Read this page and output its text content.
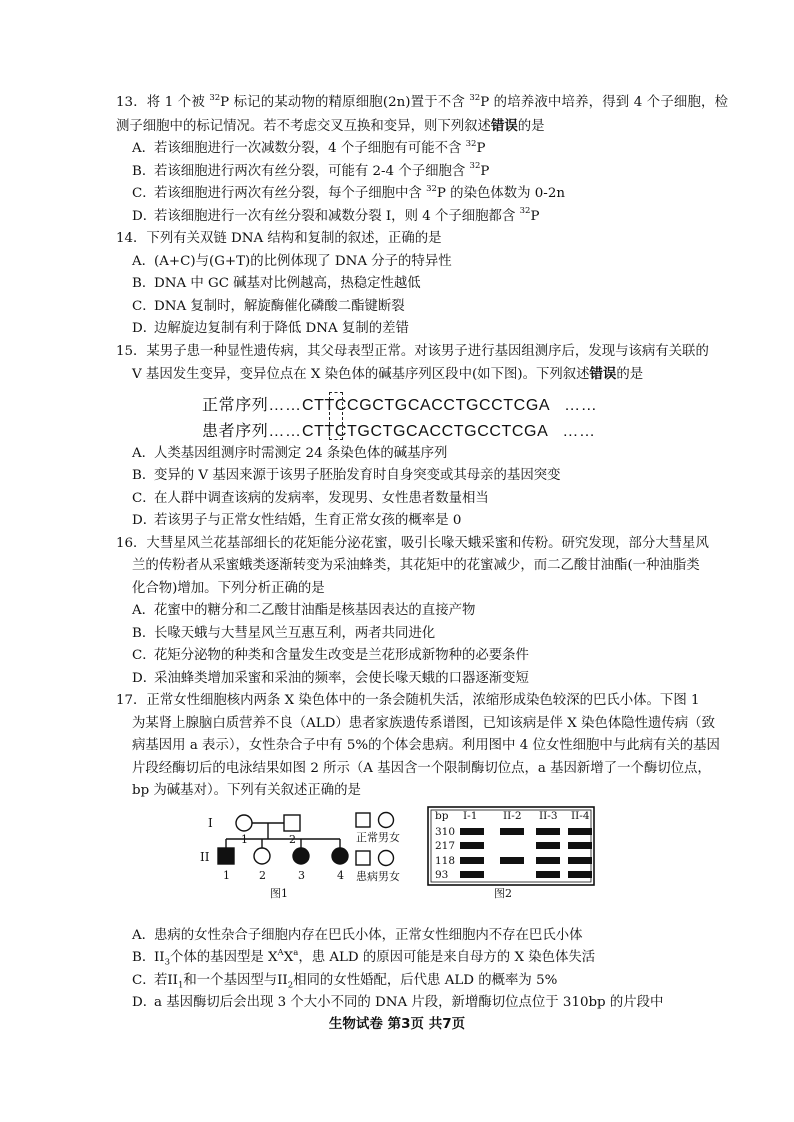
13．将 1 个被 $^{32}$P 标记的某动物的精原细胞(2n)置于不含 $^{32}$P 的培养液中培养，得到 4 个子细胞，检测子细胞中的标记情况。若不考虑交叉互换和变异，则下列叙述错误的是

A．若该细胞进行一次减数分裂，4 个子细胞有可能不含 $^{32}$P

B．若该细胞进行两次有丝分裂，可能有 2-4 个子细胞含 $^{32}$P

C．若该细胞进行两次有丝分裂，每个子细胞中含 $^{32}$P 的染色体数为 0-2n

D．若该细胞进行一次有丝分裂和减数分裂 I，则 4 个子细胞都含 $^{32}$P

14．下列有关双链 DNA 结构和复制的叙述，正确的是

A．(A+C)与(G+T)的比例体现了 DNA 分子的特异性

B．DNA 中 GC 碱基对比例越高，热稳定性越低

C．DNA 复制时，解旋酶催化磷酸二酯键断裂

D．边解旋边复制有利于降低 DNA 复制的差错

15．某男子患一种显性遗传病，其父母表型正常。对该男子进行基因组测序后，发现与该病有关联的
V 基因发生变异，变异位点在 X 染色体的碱基序列区段中(如下图)。下列叙述错误的是

正常序列……CTTCCGCTGCACCTGCCTCGA ……
患者序列……CTTCTGCTGCACCTGCCTCGA ……

A．人类基因组测序时需测定 24 条染色体的碱基序列

B．变异的 V 基因来源于该男子胚胎发育时自身突变或其母亲的基因突变

C．在人群中调查该病的发病率，发现男、女性患者数量相当

D．若该男子与正常女性结婚，生育正常女孩的概率是 0

16．大彗星风兰花基部细长的花矩能分泌花蜜，吸引长喙天蛾采蜜和传粉。研究发现，部分大彗星风
兰的传粉者从采蜜蛾类逐渐转变为采油蜂类，其花矩中的花蜜减少，而二乙酸甘油酯(一种油脂类
化合物)增加。下列分析正确的是

A．花蜜中的糖分和二乙酸甘油酯是核基因表达的直接产物

B．长喙天蛾与大彗星风兰互惠互利，两者共同进化

C．花矩分泌物的种类和含量发生改变是兰花形成新物种的必要条件

D．采油蜂类增加采蜜和采油的频率，会使长喙天蛾的口器逐渐变短

17．正常女性细胞核内两条 X 染色体中的一条会随机失活，浓缩形成染色较深的巴氏小体。下图 1
为某肾上腺脑白质营养不良（ALD）患者家族遗传系谱图，已知该病是伴 X 染色体隐性遗传病（致
病基因用 a 表示），女性杂合子中有 5%的个体会患病。利用图中 4 位女性细胞中与此病有关的基因
片段经酶切后的电泳结果如图 2 所示（A 基因含一个限制酶切位点，a 基因新增了一个酶切位点，
bp 为碱基对）。下列有关叙述正确的是

I
II
1	2
1	2	3	4
正常男女
患病男女
图1
bp I-1 II-2 II-3 II-4
310
217
118
93
图2

A．患病的女性杂合子细胞内存在巴氏小体，正常女性细胞内不存在巴氏小体

B．$II_3$个体的基因型是 $X^AX^a$，患 ALD 的原因可能是来自母方的 X 染色体失活

C．若$II_1$和一个基因型与$II_2$相同的女性婚配，后代患 ALD 的概率为 5%

D．a 基因酶切后会出现 3 个大小不同的 DNA 片段，新增酶切位点位于 310bp 的片段中

生物试卷 第3页 共7页
